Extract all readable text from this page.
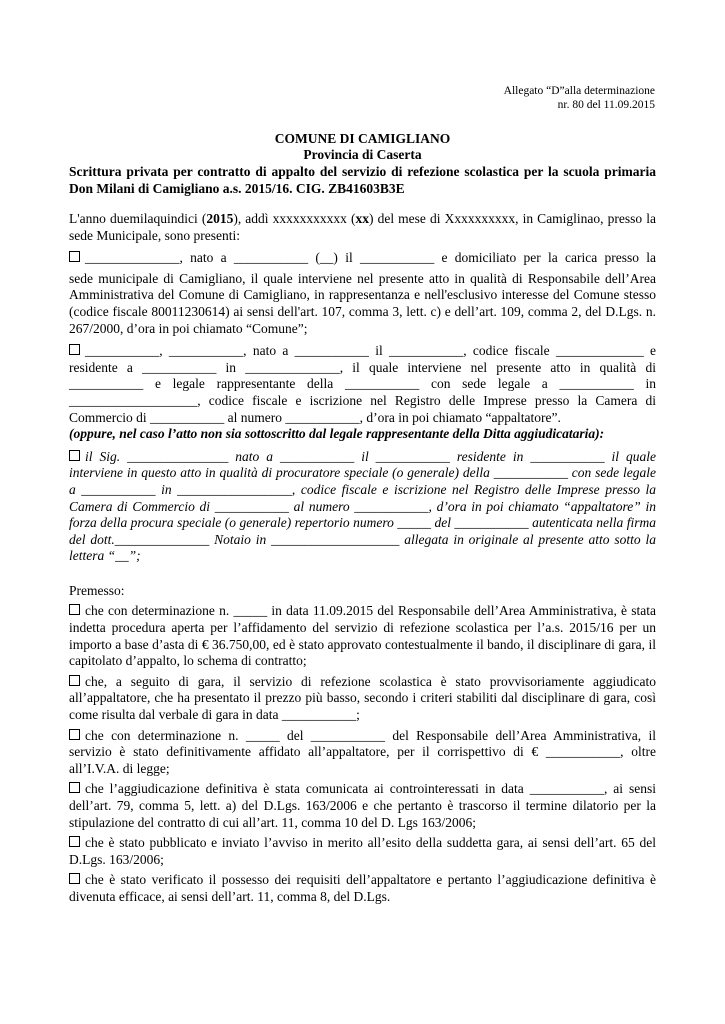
Allegato “D”alla determinazione
nr. 80 del 11.09.2015
COMUNE DI CAMIGLIANO
Provincia di Caserta
Scrittura privata per contratto di appalto del servizio di refezione scolastica per la scuola primaria Don Milani di Camigliano a.s. 2015/16. CIG. ZB41603B3E

L'anno duemilaquindici (2015), addì xxxxxxxxxxx (xx) del mese di Xxxxxxxxxx, in Camiglinao, presso la sede Municipale, sono presenti:

______________, nato a ___________ (__) il ___________ e domiciliato per la carica presso la

sede municipale di Camigliano, il quale interviene nel presente atto in qualità di Responsabile dell’Area Amministrativa del Comune di Camigliano, in rappresentanza e nell'esclusivo interesse del Comune stesso (codice fiscale 80011230614) ai sensi dell'art. 107, comma 3, lett. c) e dell’art. 109, comma 2, del D.Lgs. n. 267/2000, d’ora in poi chiamato “Comune”;

___________, ___________, nato a ___________ il ___________, codice fiscale _____________ e residente a ___________ in ______________, il quale interviene nel presente atto in qualità di ___________ e legale rappresentante della ___________ con sede legale a ___________ in ___________________, codice fiscale e iscrizione nel Registro delle Imprese presso la Camera di Commercio di ___________ al numero ___________, d’ora in poi chiamato “appaltatore”.

(oppure, nel caso l’atto non sia sottoscritto dal legale rappresentante della Ditta aggiudicataria):

il Sig. _______________ nato a ___________ il ___________ residente in ___________ il quale interviene in questo atto in qualità di procuratore speciale (o generale) della ___________ con sede legale a ___________ in _________________, codice fiscale e iscrizione nel Registro delle Imprese presso la Camera di Commercio di ___________ al numero ___________, d’ora in poi chiamato “appaltatore” in forza della procura speciale (o generale) repertorio numero _____ del ___________ autenticata nella firma del dott.______________ Notaio in ___________________ allegata in originale al presente atto sotto la lettera “__”;

Premesso:

che con determinazione n. _____ in data 11.09.2015 del Responsabile dell’Area Amministrativa, è stata indetta procedura aperta per l’affidamento del servizio di refezione scolastica per l’a.s. 2015/16 per un importo a base d’asta di € 36.750,00, ed è stato approvato contestualmente il bando, il disciplinare di gara, il capitolato d’appalto, lo schema di contratto;

che, a seguito di gara, il servizio di refezione scolastica è stato provvisoriamente aggiudicato all’appaltatore, che ha presentato il prezzo più basso, secondo i criteri stabiliti dal disciplinare di gara, così come risulta dal verbale di gara in data ___________;

che con determinazione n. _____ del ___________ del Responsabile dell’Area Amministrativa, il servizio è stato definitivamente affidato all’appaltatore, per il corrispettivo di € ___________, oltre all’I.V.A. di legge;

che l’aggiudicazione definitiva è stata comunicata ai controinteressati in data ___________, ai sensi dell’art. 79, comma 5, lett. a) del D.Lgs. 163/2006 e che pertanto è trascorso il termine dilatorio per la stipulazione del contratto di cui all’art. 11, comma 10 del D. Lgs 163/2006;

che è stato pubblicato e inviato l’avviso in merito all’esito della suddetta gara, ai sensi dell’art. 65 del D.Lgs. 163/2006;

che è stato verificato il possesso dei requisiti dell’appaltatore e pertanto l’aggiudicazione definitiva è divenuta efficace, ai sensi dell’art. 11, comma 8, del D.Lgs.
